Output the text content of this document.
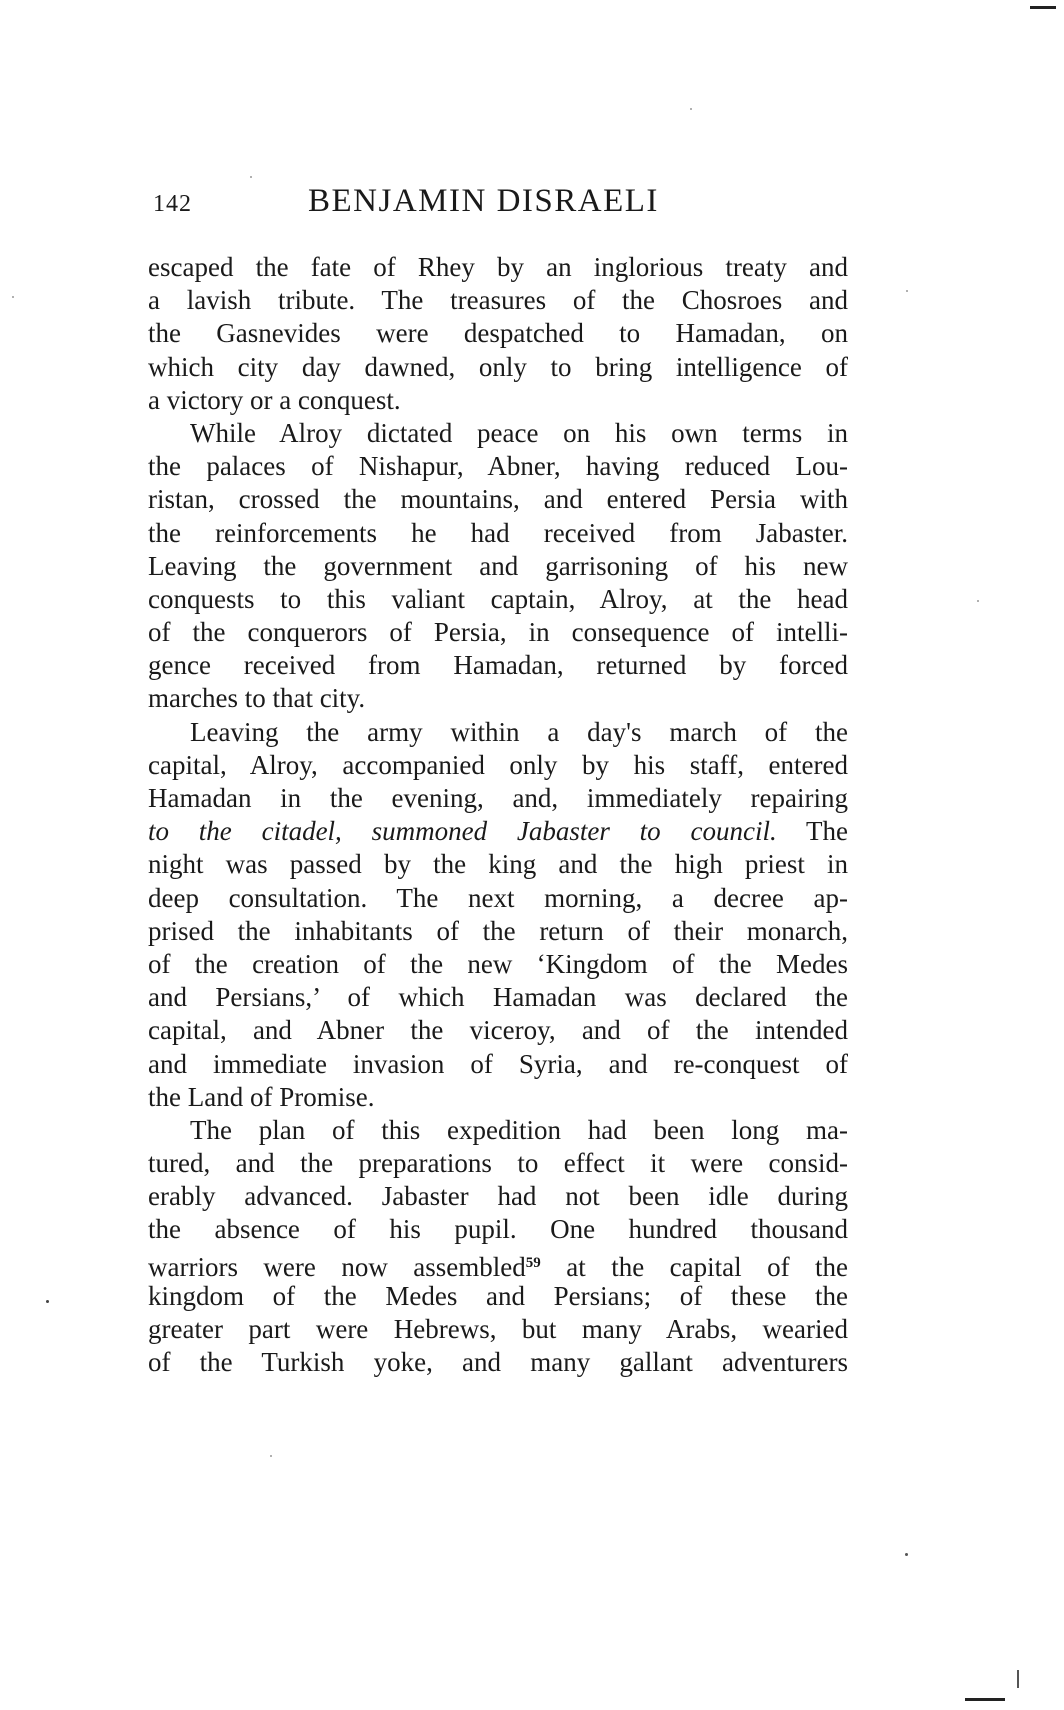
142	BENJAMIN DISRAELI
escaped the fate of Rhey by an inglorious treaty and
a lavish tribute. The treasures of the Chosroes and
the Gasnevides were despatched to Hamadan, on
which city day dawned, only to bring intelligence of
a victory or a conquest.
While Alroy dictated peace on his own terms in
the palaces of Nishapur, Abner, having reduced Lou-
ristan, crossed the mountains, and entered Persia with
the reinforcements he had received from Jabaster.
Leaving the government and garrisoning of his new
conquests to this valiant captain, Alroy, at the head
of the conquerors of Persia, in consequence of intelli-
gence received from Hamadan, returned by forced
marches to that city.
Leaving the army within a day's march of the
capital, Alroy, accompanied only by his staff, entered
Hamadan in the evening, and, immediately repairing
to the citadel, summoned Jabaster to council. The
night was passed by the king and the high priest in
deep consultation. The next morning, a decree ap-
prised the inhabitants of the return of their monarch,
of the creation of the new ‘Kingdom of the Medes
and Persians,’ of which Hamadan was declared the
capital, and Abner the viceroy, and of the intended
and immediate invasion of Syria, and re-conquest of
the Land of Promise.
The plan of this expedition had been long ma-
tured, and the preparations to effect it were consid-
erably advanced. Jabaster had not been idle during
the absence of his pupil. One hundred thousand
warriors were now assembled$^{59}$ at the capital of the
kingdom of the Medes and Persians; of these the
greater part were Hebrews, but many Arabs, wearied
of the Turkish yoke, and many gallant adventurers
